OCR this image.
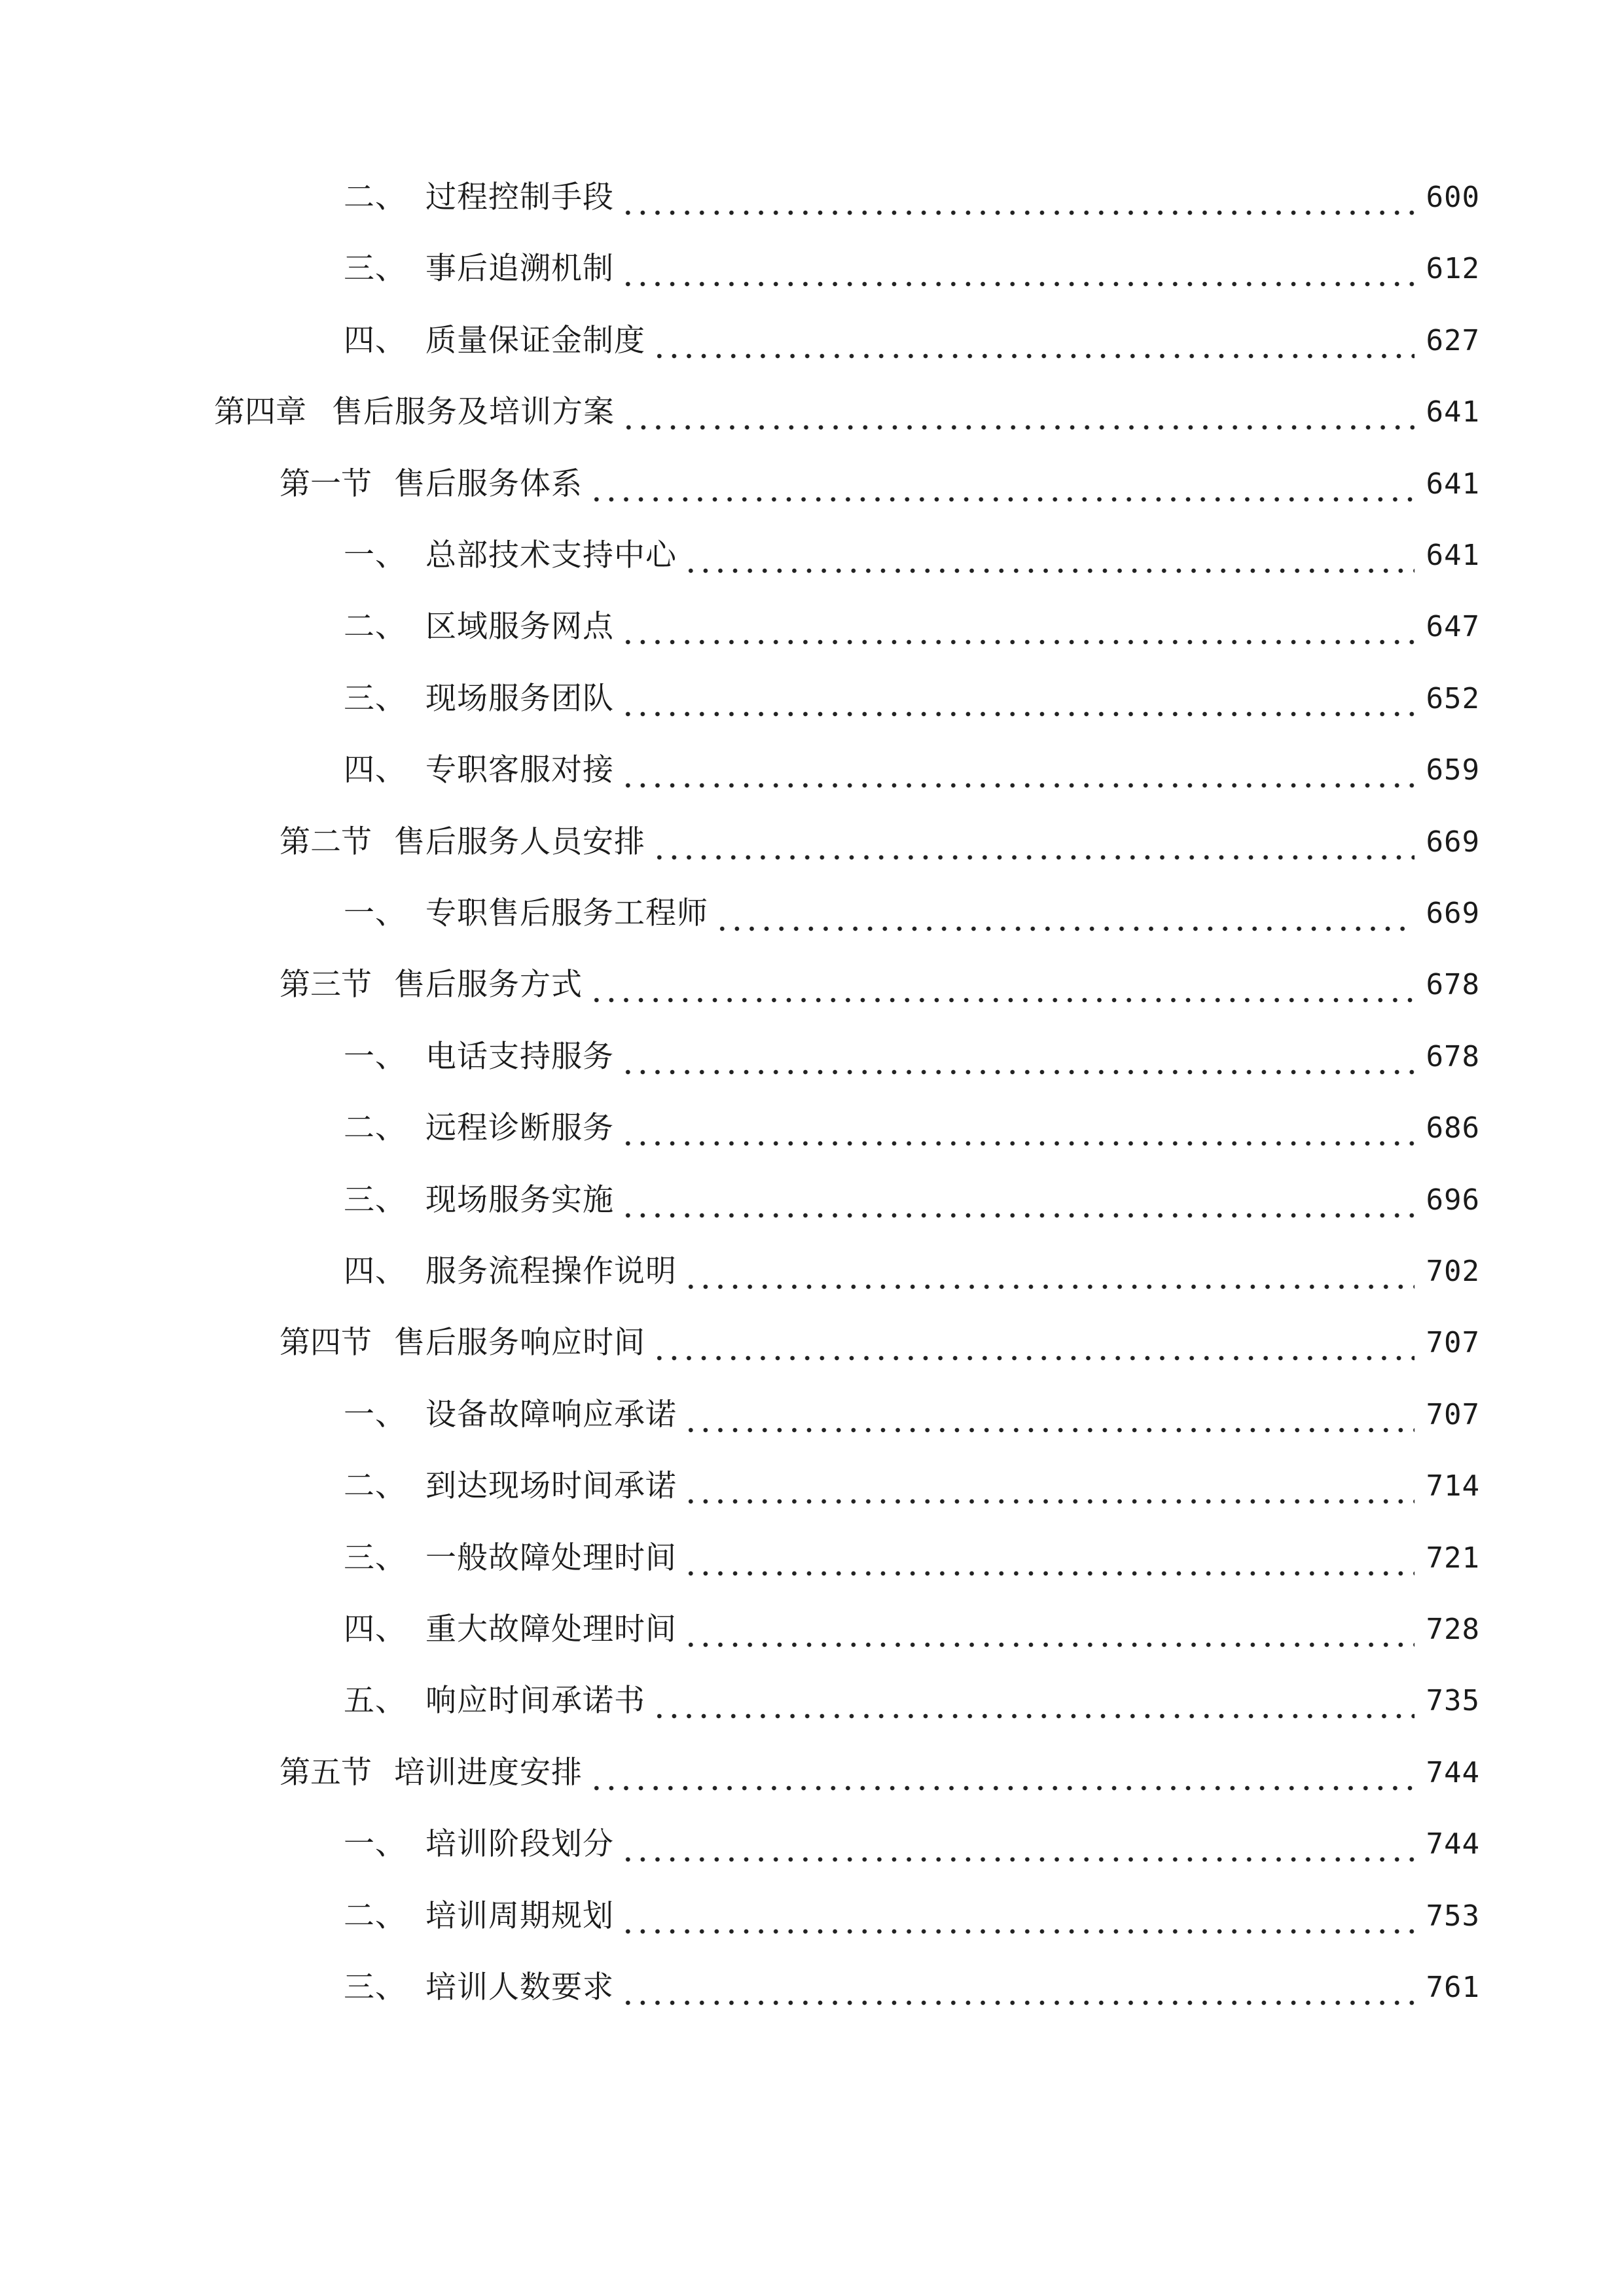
二、 过程控制手段	600
三、 事后追溯机制	612
四、 质量保证金制度	627
第四章 售后服务及培训方案	641
第一节 售后服务体系	641
一、 总部技术支持中心	641
二、 区域服务网点	647
三、 现场服务团队	652
四、 专职客服对接	659
第二节 售后服务人员安排	669
一、 专职售后服务工程师	669
第三节 售后服务方式	678
一、 电话支持服务	678
二、 远程诊断服务	686
三、 现场服务实施	696
四、 服务流程操作说明	702
第四节 售后服务响应时间	707
一、 设备故障响应承诺	707
二、 到达现场时间承诺	714
三、 一般故障处理时间	721
四、 重大故障处理时间	728
五、 响应时间承诺书	735
第五节 培训进度安排	744
一、 培训阶段划分	744
二、 培训周期规划	753
三、 培训人数要求	761
